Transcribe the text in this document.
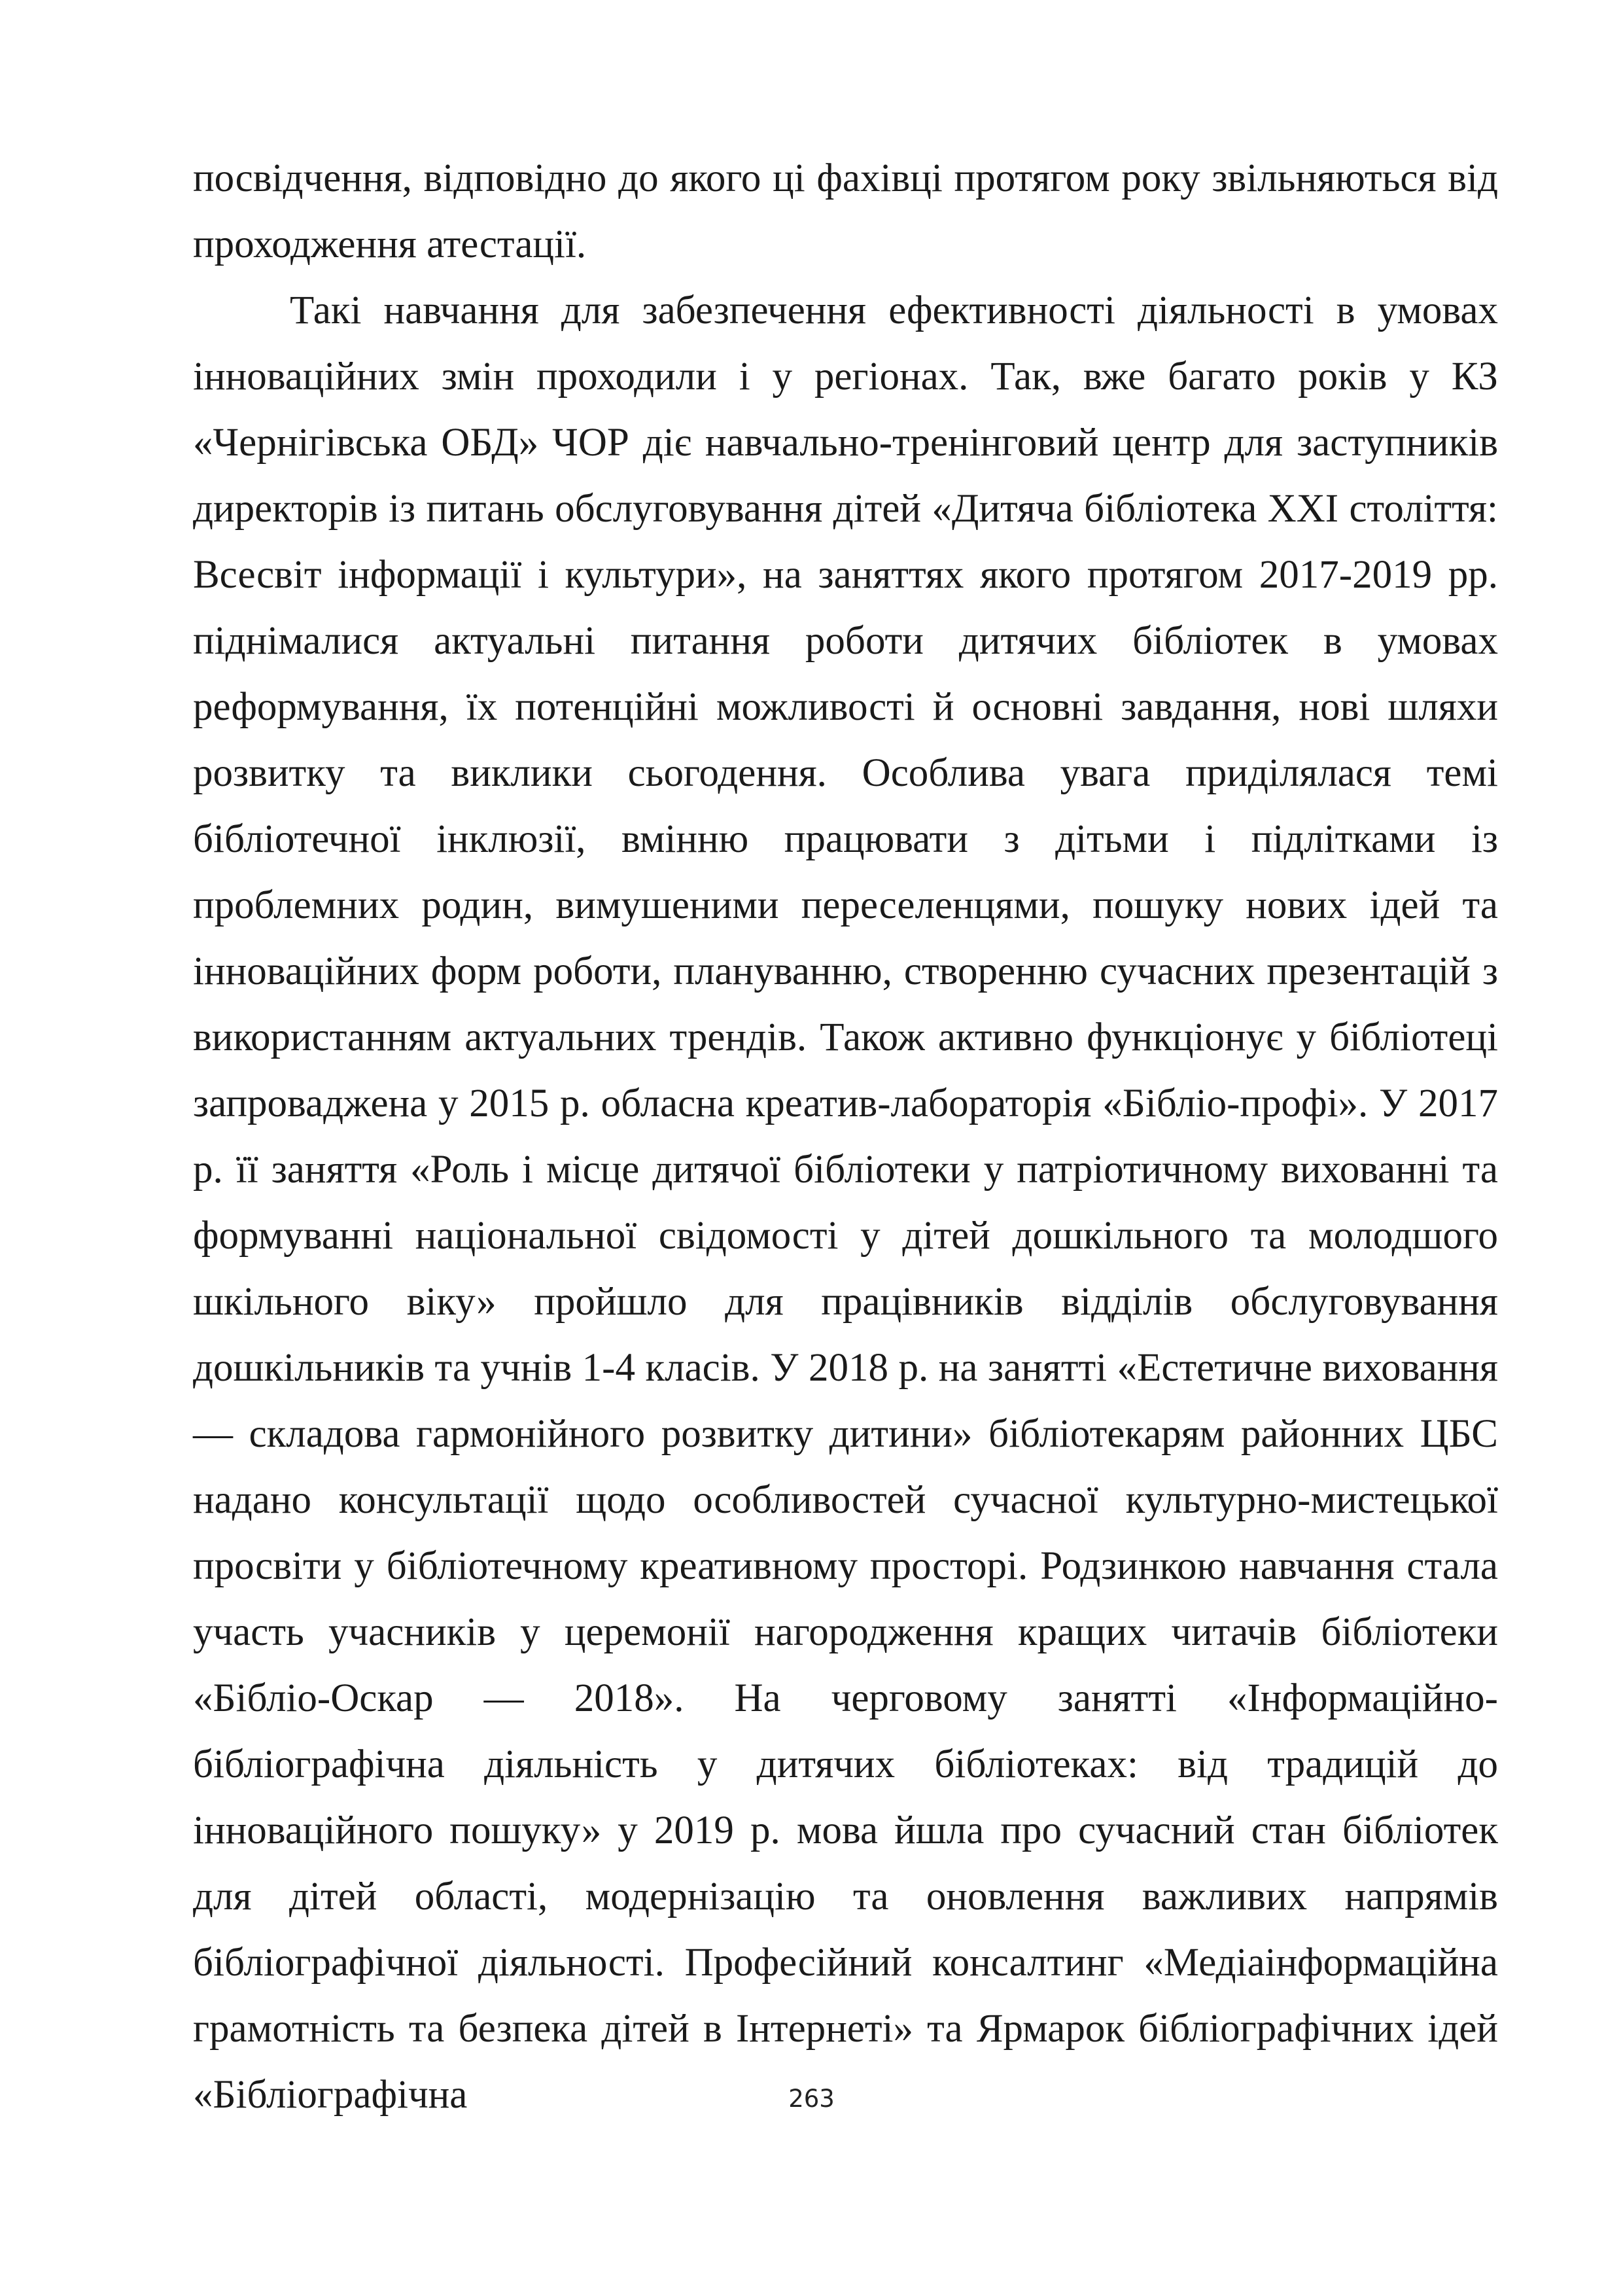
посвідчення, відповідно до якого ці фахівці протягом року звільняються від проходження атестації.

Такі навчання для забезпечення ефективності діяльності в умовах інноваційних змін проходили і у регіонах. Так, вже багато років у КЗ «Чернігівська ОБД» ЧОР діє навчально-тренінговий центр для заступників директорів із питань обслуговування дітей «Дитяча бібліотека XXI століття: Всесвіт інформації і культури», на заняттях якого протягом 2017-2019 рр. піднімалися актуальні питання роботи дитячих бібліотек в умовах реформування, їх потенційні можливості й основні завдання, нові шляхи розвитку та виклики сьогодення. Особлива увага приділялася темі бібліотечної інклюзії, вмінню працювати з дітьми і підлітками із проблемних родин, вимушеними переселенцями, пошуку нових ідей та інноваційних форм роботи, плануванню, створенню сучасних презентацій з використанням актуальних трендів. Також активно функціонує у бібліотеці запроваджена у 2015 р. обласна креатив-лабораторія «Бібліо-профі». У 2017 р. її заняття «Роль і місце дитячої бібліотеки у патріотичному вихованні та формуванні національної свідомості у дітей дошкільного та молодшого шкільного віку» пройшло для працівників відділів обслуговування дошкільників та учнів 1-4 класів. У 2018 р. на занятті «Естетичне виховання — складова гармонійного розвитку дитини» бібліотекарям районних ЦБС надано консультації щодо особливостей сучасної культурно-мистецької просвіти у бібліотечному креативному просторі. Родзинкою навчання стала участь учасників у церемонії нагородження кращих читачів бібліотеки «Бібліо-Оскар — 2018». На черговому занятті «Інформаційно-бібліографічна діяльність у дитячих бібліотеках: від традицій до інноваційного пошуку» у 2019 р. мова йшла про сучасний стан бібліотек для дітей області, модернізацію та оновлення важливих напрямів бібліографічної діяльності. Професійний консалтинг «Медіаінформаційна грамотність та безпека дітей в Інтернеті» та Ярмарок бібліографічних ідей «Бібліографічна	263
